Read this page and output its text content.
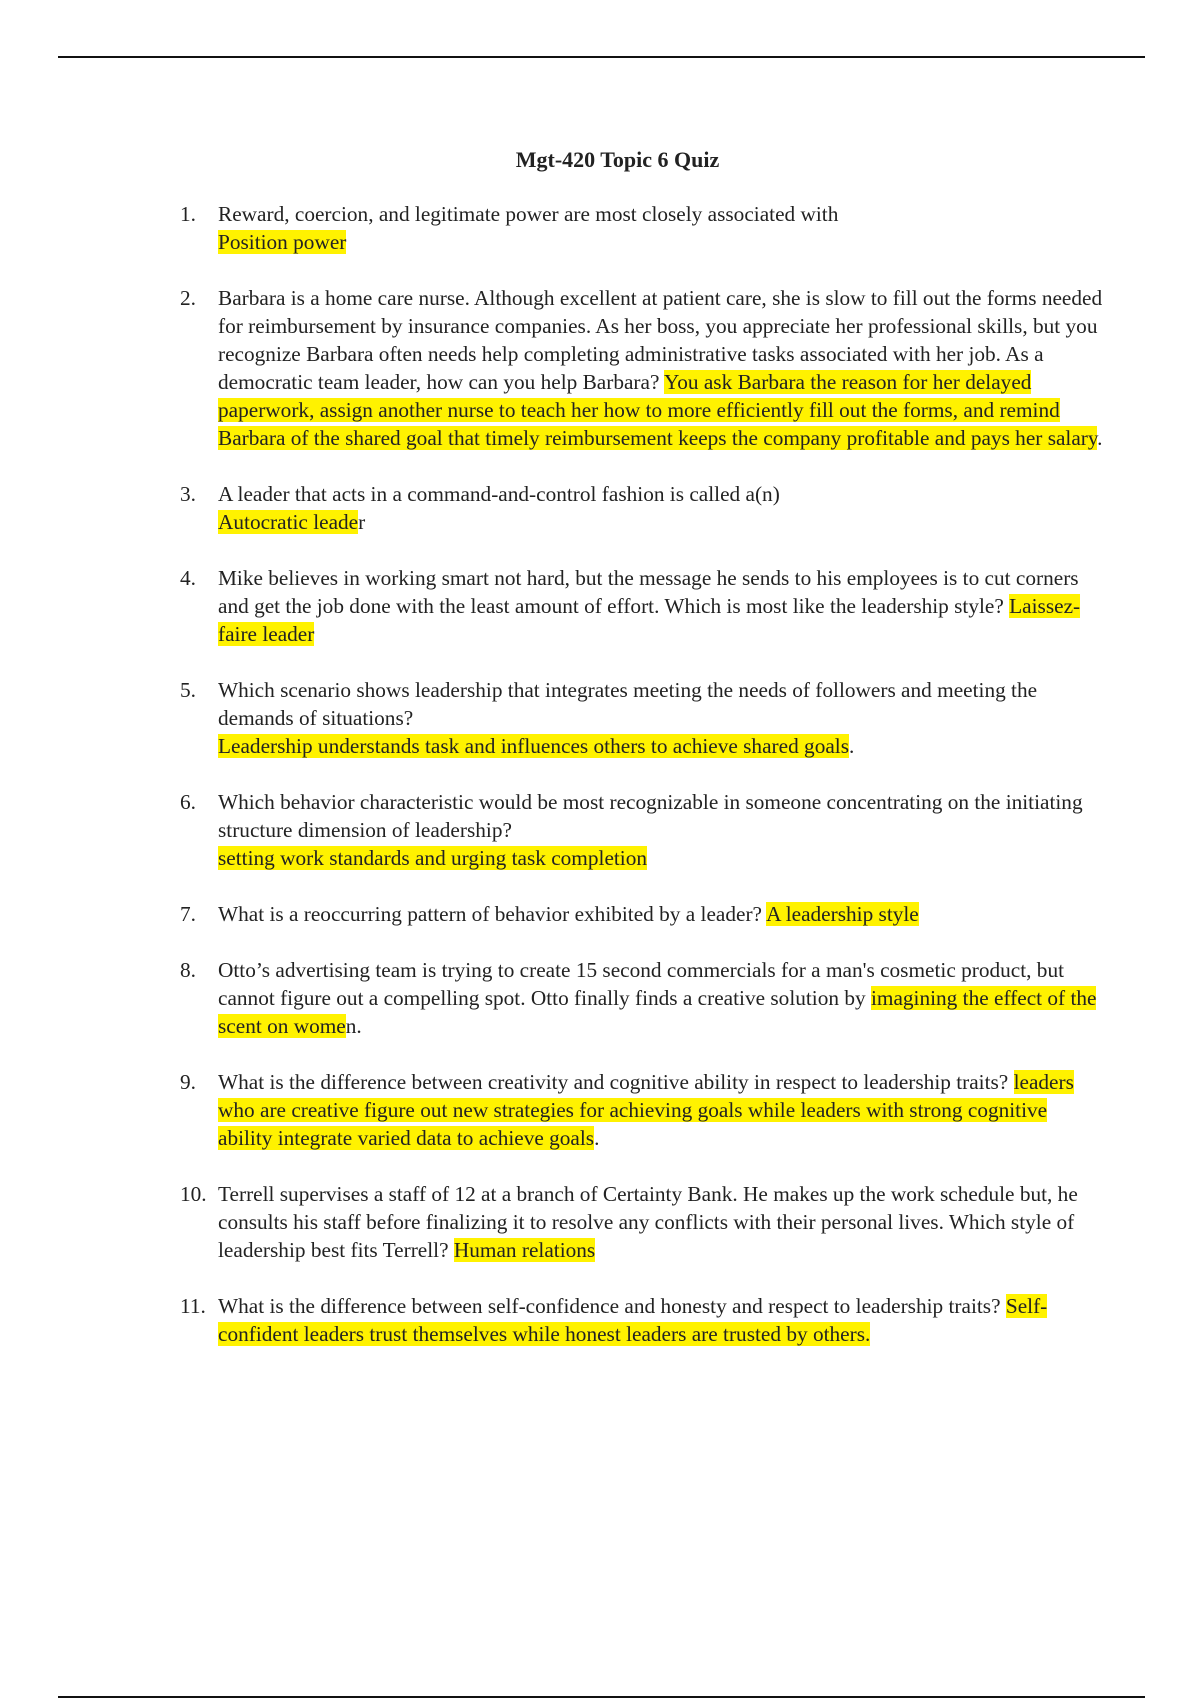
Mgt-420 Topic 6 Quiz
1. Reward, coercion, and legitimate power are most closely associated with
Position power
2. Barbara is a home care nurse. Although excellent at patient care, she is slow to fill out the forms needed for reimbursement by insurance companies. As her boss, you appreciate her professional skills, but you recognize Barbara often needs help completing administrative tasks associated with her job. As a democratic team leader, how can you help Barbara? You ask Barbara the reason for her delayed paperwork, assign another nurse to teach her how to more efficiently fill out the forms, and remind Barbara of the shared goal that timely reimbursement keeps the company profitable and pays her salary.
3. A leader that acts in a command-and-control fashion is called a(n)
Autocratic leader
4. Mike believes in working smart not hard, but the message he sends to his employees is to cut corners and get the job done with the least amount of effort. Which is most like the leadership style? Laissez-faire leader
5. Which scenario shows leadership that integrates meeting the needs of followers and meeting the demands of situations?
Leadership understands task and influences others to achieve shared goals.
6. Which behavior characteristic would be most recognizable in someone concentrating on the initiating structure dimension of leadership?
setting work standards and urging task completion
7. What is a reoccurring pattern of behavior exhibited by a leader? A leadership style
8. Otto’s advertising team is trying to create 15 second commercials for a man's cosmetic product, but cannot figure out a compelling spot. Otto finally finds a creative solution by imagining the effect of the scent on women.
9. What is the difference between creativity and cognitive ability in respect to leadership traits? leaders who are creative figure out new strategies for achieving goals while leaders with strong cognitive ability integrate varied data to achieve goals.
10. Terrell supervises a staff of 12 at a branch of Certainty Bank. He makes up the work schedule but, he consults his staff before finalizing it to resolve any conflicts with their personal lives. Which style of leadership best fits Terrell? Human relations
11. What is the difference between self-confidence and honesty and respect to leadership traits? Self-confident leaders trust themselves while honest leaders are trusted by others.
